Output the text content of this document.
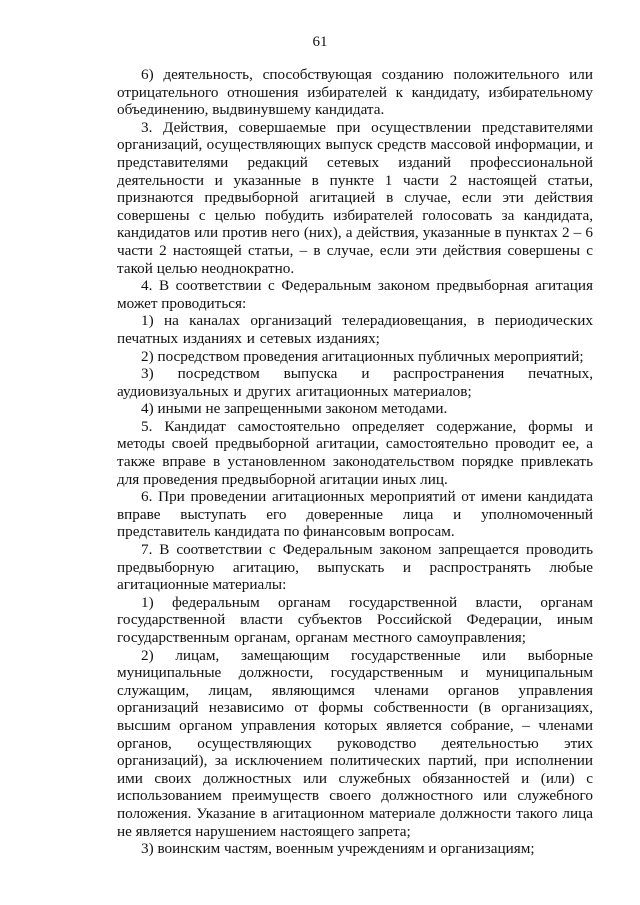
61

6) деятельность, способствующая созданию положительного или отрицательного отношения избирателей к кандидату, избирательному объединению, выдвинувшему кандидата.

3. Действия, совершаемые при осуществлении представителями организаций, осуществляющих выпуск средств массовой информации, и представителями редакций сетевых изданий профессиональной деятельности и указанные в пункте 1 части 2 настоящей статьи, признаются предвыборной агитацией в случае, если эти действия совершены с целью побудить избирателей голосовать за кандидата, кандидатов или против него (них), а действия, указанные в пунктах 2 – 6 части 2 настоящей статьи, – в случае, если эти действия совершены с такой целью неоднократно.

4. В соответствии с Федеральным законом предвыборная агитация может проводиться:

1) на каналах организаций телерадиовещания, в периодических печатных изданиях и сетевых изданиях;

2) посредством проведения агитационных публичных мероприятий;

3) посредством выпуска и распространения печатных, аудиовизуальных и других агитационных материалов;

4) иными не запрещенными законом методами.

5. Кандидат самостоятельно определяет содержание, формы и методы своей предвыборной агитации, самостоятельно проводит ее, а также вправе в установленном законодательством порядке привлекать для проведения предвыборной агитации иных лиц.

6. При проведении агитационных мероприятий от имени кандидата вправе выступать его доверенные лица и уполномоченный представитель кандидата по финансовым вопросам.

7. В соответствии с Федеральным законом запрещается проводить предвыборную агитацию, выпускать и распространять любые агитационные материалы:

1) федеральным органам государственной власти, органам государственной власти субъектов Российской Федерации, иным государственным органам, органам местного самоуправления;

2) лицам, замещающим государственные или выборные муниципальные должности, государственным и муниципальным служащим, лицам, являющимся членами органов управления организаций независимо от формы собственности (в организациях, высшим органом управления которых является собрание, – членами органов, осуществляющих руководство деятельностью этих организаций), за исключением политических партий, при исполнении ими своих должностных или служебных обязанностей и (или) с использованием преимуществ своего должностного или служебного положения. Указание в агитационном материале должности такого лица не является нарушением настоящего запрета;

3) воинским частям, военным учреждениям и организациям;
